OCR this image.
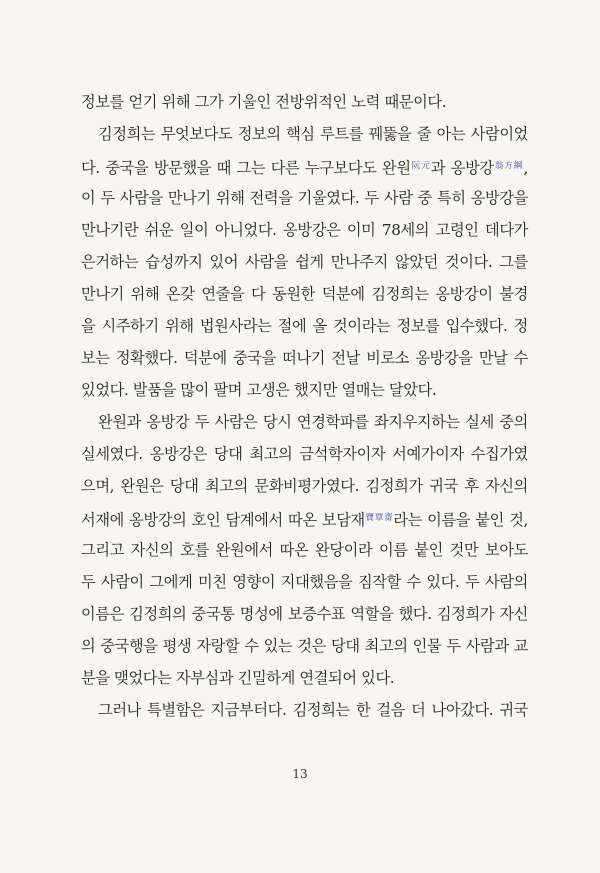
정보를 얻기 위해 그가 기울인 전방위적인 노력 때문이다.
김정희는 무엇보다도 정보의 핵심 루트를 꿰뚫을 줄 아는 사람이었
다. 중국을 방문했을 때 그는 다른 누구보다도 완원$^{阮元}$과 옹방강$^{翁方綱}$,
이 두 사람을 만나기 위해 전력을 기울였다. 두 사람 중 특히 옹방강을
만나기란 쉬운 일이 아니었다. 옹방강은 이미 78세의 고령인 데다가
은거하는 습성까지 있어 사람을 쉽게 만나주지 않았던 것이다. 그를
만나기 위해 온갖 연줄을 다 동원한 덕분에 김정희는 옹방강이 불경
을 시주하기 위해 법원사라는 절에 올 것이라는 정보를 입수했다. 정
보는 정확했다. 덕분에 중국을 떠나기 전날 비로소 옹방강을 만날 수
있었다. 발품을 많이 팔며 고생은 했지만 열매는 달았다.
완원과 옹방강 두 사람은 당시 연경학파를 좌지우지하는 실세 중의
실세였다. 옹방강은 당대 최고의 금석학자이자 서예가이자 수집가였
으며, 완원은 당대 최고의 문화비평가였다. 김정희가 귀국 후 자신의
서재에 옹방강의 호인 담계에서 따온 보담재$^{寶覃齋}$라는 이름을 붙인 것,
그리고 자신의 호를 완원에서 따온 완당이라 이름 붙인 것만 보아도
두 사람이 그에게 미친 영향이 지대했음을 짐작할 수 있다. 두 사람의
이름은 김정희의 중국통 명성에 보증수표 역할을 했다. 김정희가 자신
의 중국행을 평생 자랑할 수 있는 것은 당대 최고의 인물 두 사람과 교
분을 맺었다는 자부심과 긴밀하게 연결되어 있다.
그러나 특별함은 지금부터다. 김정희는 한 걸음 더 나아갔다. 귀국
13
